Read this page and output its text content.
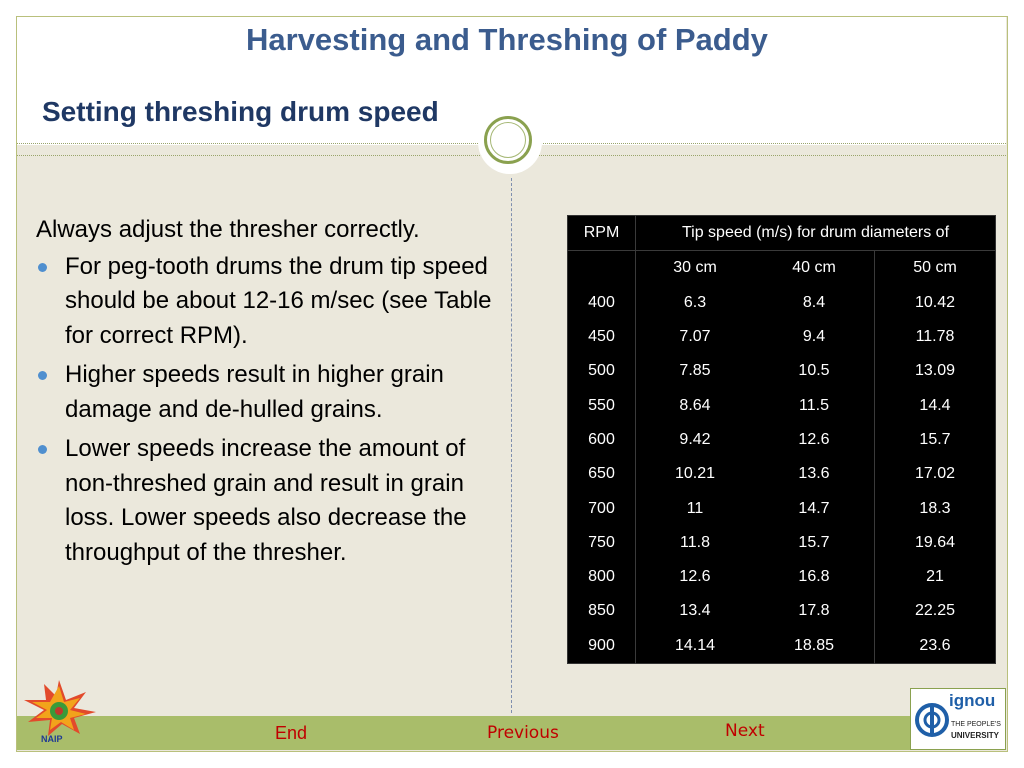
Harvesting and Threshing of Paddy
Setting threshing drum speed
Always adjust the thresher correctly.
For peg-tooth drums the drum tip speed should be about 12-16 m/sec (see Table for correct RPM).
Higher speeds result in higher grain damage and de-hulled grains.
Lower speeds increase the amount of non-threshed grain and result in grain loss. Lower speeds also decrease the throughput of the thresher.
RPM	Tip speed (m/s) for drum diameters of		
	30 cm	40 cm	50 cm
400	6.3	8.4	10.42
450	7.07	9.4	11.78
500	7.85	10.5	13.09
550	8.64	11.5	14.4
600	9.42	12.6	15.7
650	10.21	13.6	17.02
700	11	14.7	18.3
750	11.8	15.7	19.64
800	12.6	16.8	21
850	13.4	17.8	22.25
900	14.14	18.85	23.6
End	Previous	Next
NAIP
ignou
THE PEOPLE'S
UNIVERSITY
